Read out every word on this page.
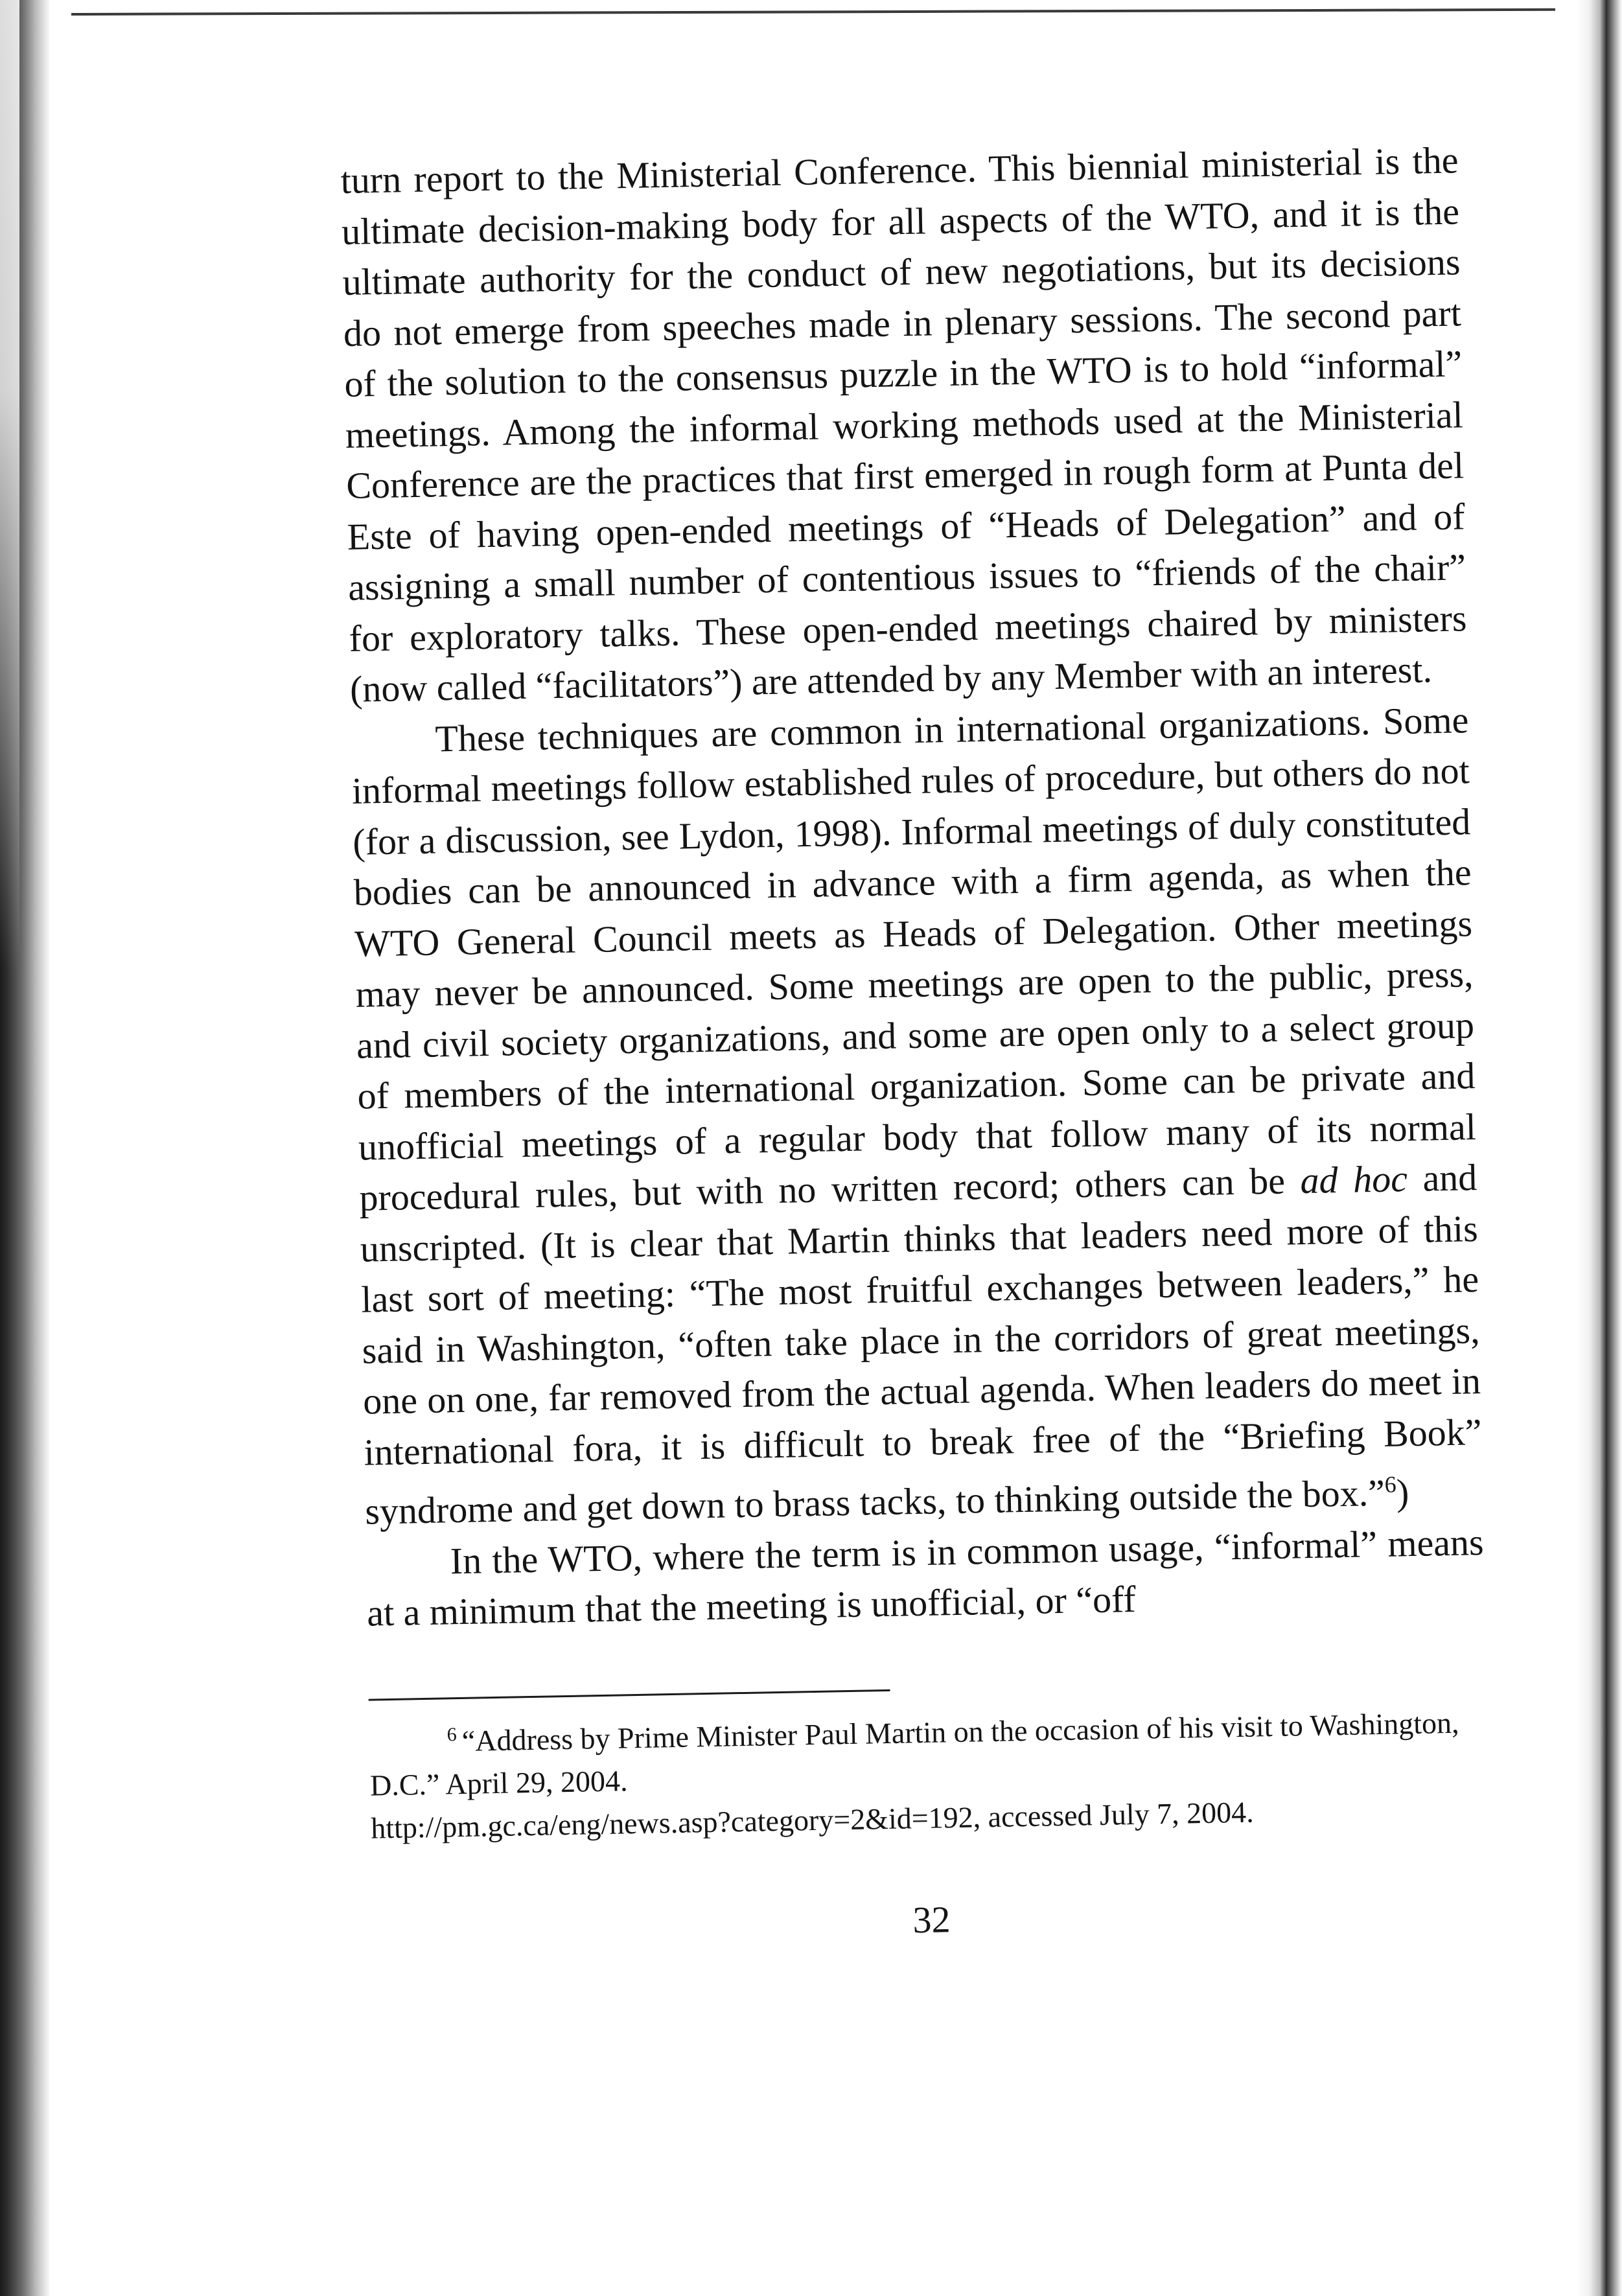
turn report to the Ministerial Conference. This biennial ministerial is the ultimate decision-making body for all aspects of the WTO, and it is the ultimate authority for the conduct of new negotiations, but its decisions do not emerge from speeches made in plenary sessions. The second part of the solution to the consensus puzzle in the WTO is to hold “informal” meetings. Among the informal working methods used at the Ministerial Conference are the practices that first emerged in rough form at Punta del Este of having open-ended meetings of “Heads of Delegation” and of assigning a small number of contentious issues to “friends of the chair” for exploratory talks. These open-ended meetings chaired by ministers (now called “facilitators”) are attended by any Member with an interest.

These techniques are common in international organizations. Some informal meetings follow established rules of procedure, but others do not (for a discussion, see Lydon, 1998). Informal meetings of duly constituted bodies can be announced in advance with a firm agenda, as when the WTO General Council meets as Heads of Delegation. Other meetings may never be announced. Some meetings are open to the public, press, and civil society organizations, and some are open only to a select group of members of the international organization. Some can be private and unofficial meetings of a regular body that follow many of its normal procedural rules, but with no written record; others can be ad hoc and unscripted. (It is clear that Martin thinks that leaders need more of this last sort of meeting: “The most fruitful exchanges between leaders,” he said in Washington, “often take place in the corridors of great meetings, one on one, far removed from the actual agenda. When leaders do meet in international fora, it is difficult to break free of the “Briefing Book” syndrome and get down to brass tacks, to thinking outside the box.”$^6$)

In the WTO, where the term is in common usage, “informal” means at a minimum that the meeting is unofficial, or “off

$^6$ “Address by Prime Minister Paul Martin on the occasion of his visit to Washington, D.C.” April 29, 2004.
http://pm.gc.ca/eng/news.asp?category=2&id=192, accessed July 7, 2004.

32
